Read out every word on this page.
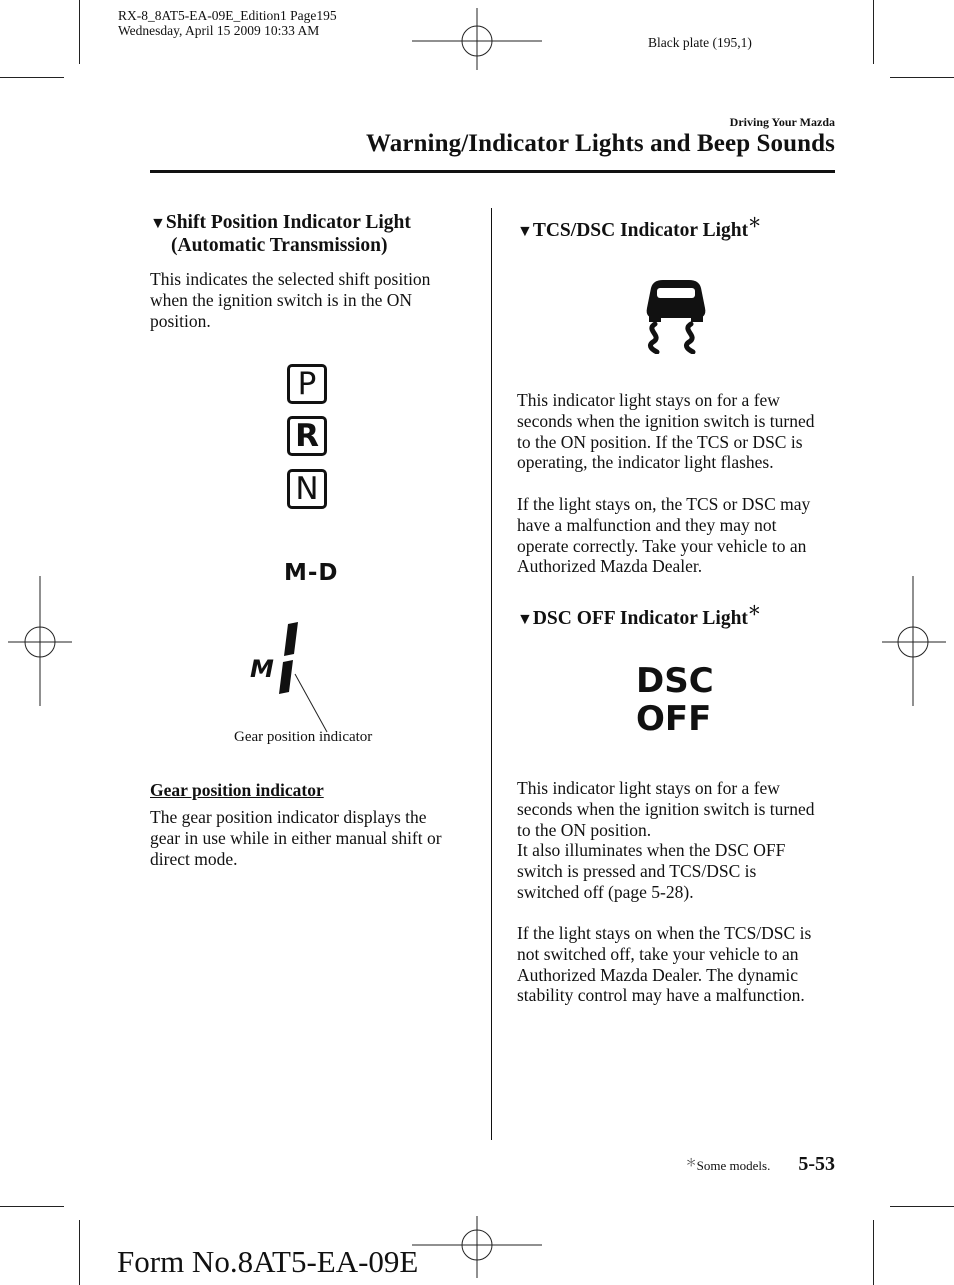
RX-8_8AT5-EA-09E_Edition1 Page195
Wednesday, April 15 2009 10:33 AM
Black plate (195,1)
Driving Your Mazda
Warning/Indicator Lights and Beep Sounds
▼Shift Position Indicator Light
(Automatic Transmission)

This indicates the selected shift position
when the ignition switch is in the ON
position.

P
R
N
M-D
M
Gear position indicator
Gear position indicator

The gear position indicator displays the
gear in use while in either manual shift or
direct mode.

▼TCS/DSC Indicator Light＊

This indicator light stays on for a few
seconds when the ignition switch is turned
to the ON position. If the TCS or DSC is
operating, the indicator light flashes.

If the light stays on, the TCS or DSC may
have a malfunction and they may not
operate correctly. Take your vehicle to an
Authorized Mazda Dealer.

▼DSC OFF Indicator Light＊
DSC
OFF

This indicator light stays on for a few
seconds when the ignition switch is turned
to the ON position.
It also illuminates when the DSC OFF
switch is pressed and TCS/DSC is
switched off (page 5-28).

If the light stays on when the TCS/DSC is
not switched off, take your vehicle to an
Authorized Mazda Dealer. The dynamic
stability control may have a malfunction.

＊Some models. 5-53
Form No.8AT5-EA-09E
